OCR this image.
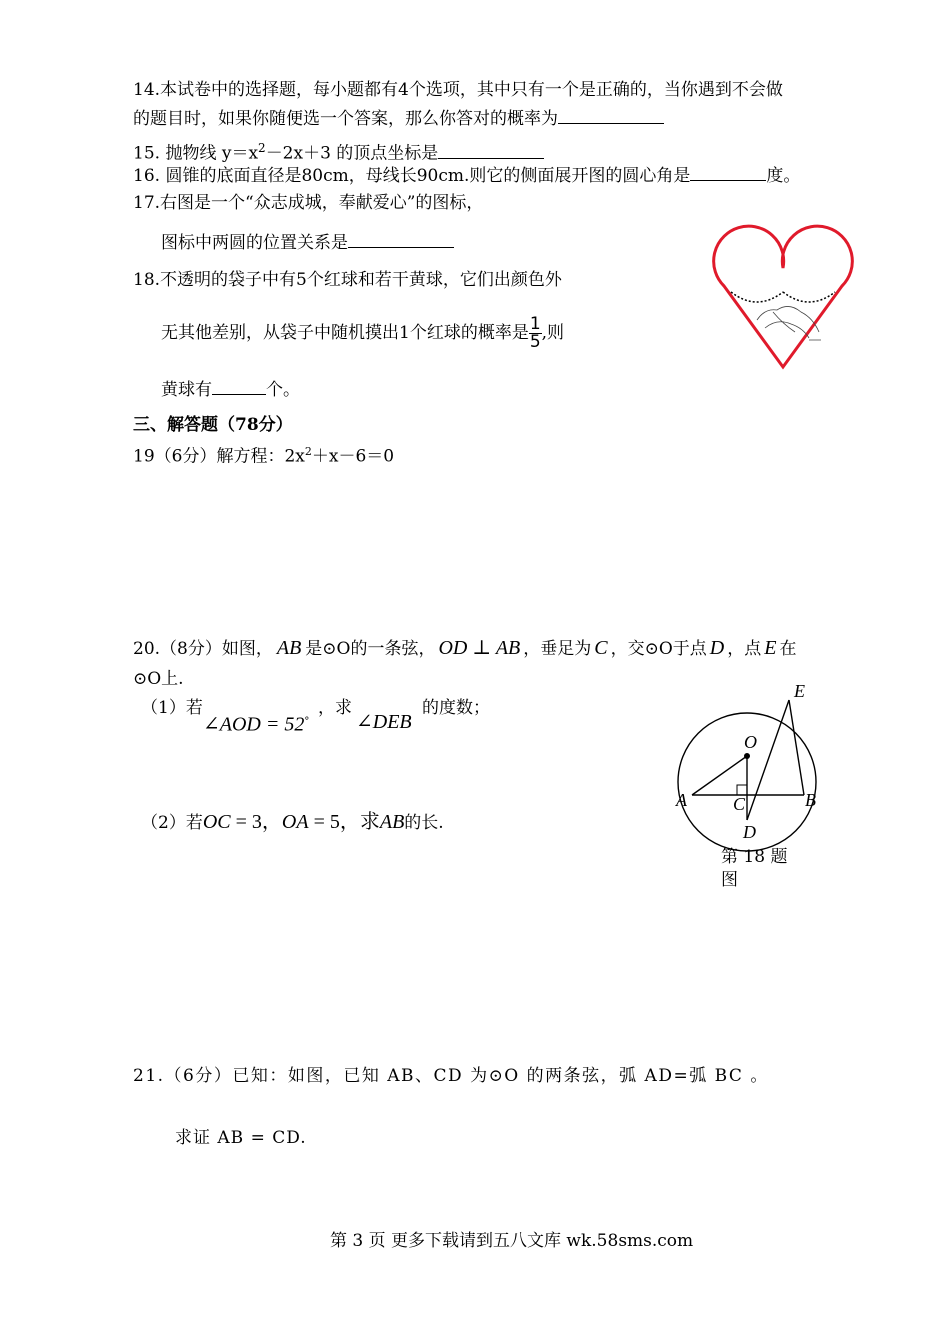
14.本试卷中的选择题，每小题都有4个选项，其中只有一个是正确的，当你遇到不会做
的题目时，如果你随便选一个答案，那么你答对的概率为
15. 抛物线 $y=x^2-2x+3$ 的顶点坐标是
16. 圆锥的底面直径是80cm，母线长90cm.则它的侧面展开图的圆心角是	度。
17.右图是一个“众志成城，奉献爱心”的图标，
图标中两圆的位置关系是
18.不透明的袋子中有5个红球和若干黄球，它们出颜色外
无其他差别，从袋子中随机摸出1个红球的概率是 $\frac{1}{5}$ ,则
黄球有	个。
三、解答题（78分）
19（6分）解方程：$2x^2+x-6=0$
20.（8分）如图， AB 是⊙O的一条弦， OD ⊥ AB ，垂足为 C ，交⊙O于点 D ，点 E 在
⊙O上.
（1）若
∠AOD = 52°
，求
∠DEB
的度数；
（2）若OC = 3，OA = 5，求AB的长.
E
O
A	C	B
D
第 18 题
图
21.（6分）已知：如图，已知 AB、CD 为⊙O 的两条弦，弧 AD=弧 BC 。
求证 AB = CD.
第 3 页 更多下载请到五八文库 wk.58sms.com
